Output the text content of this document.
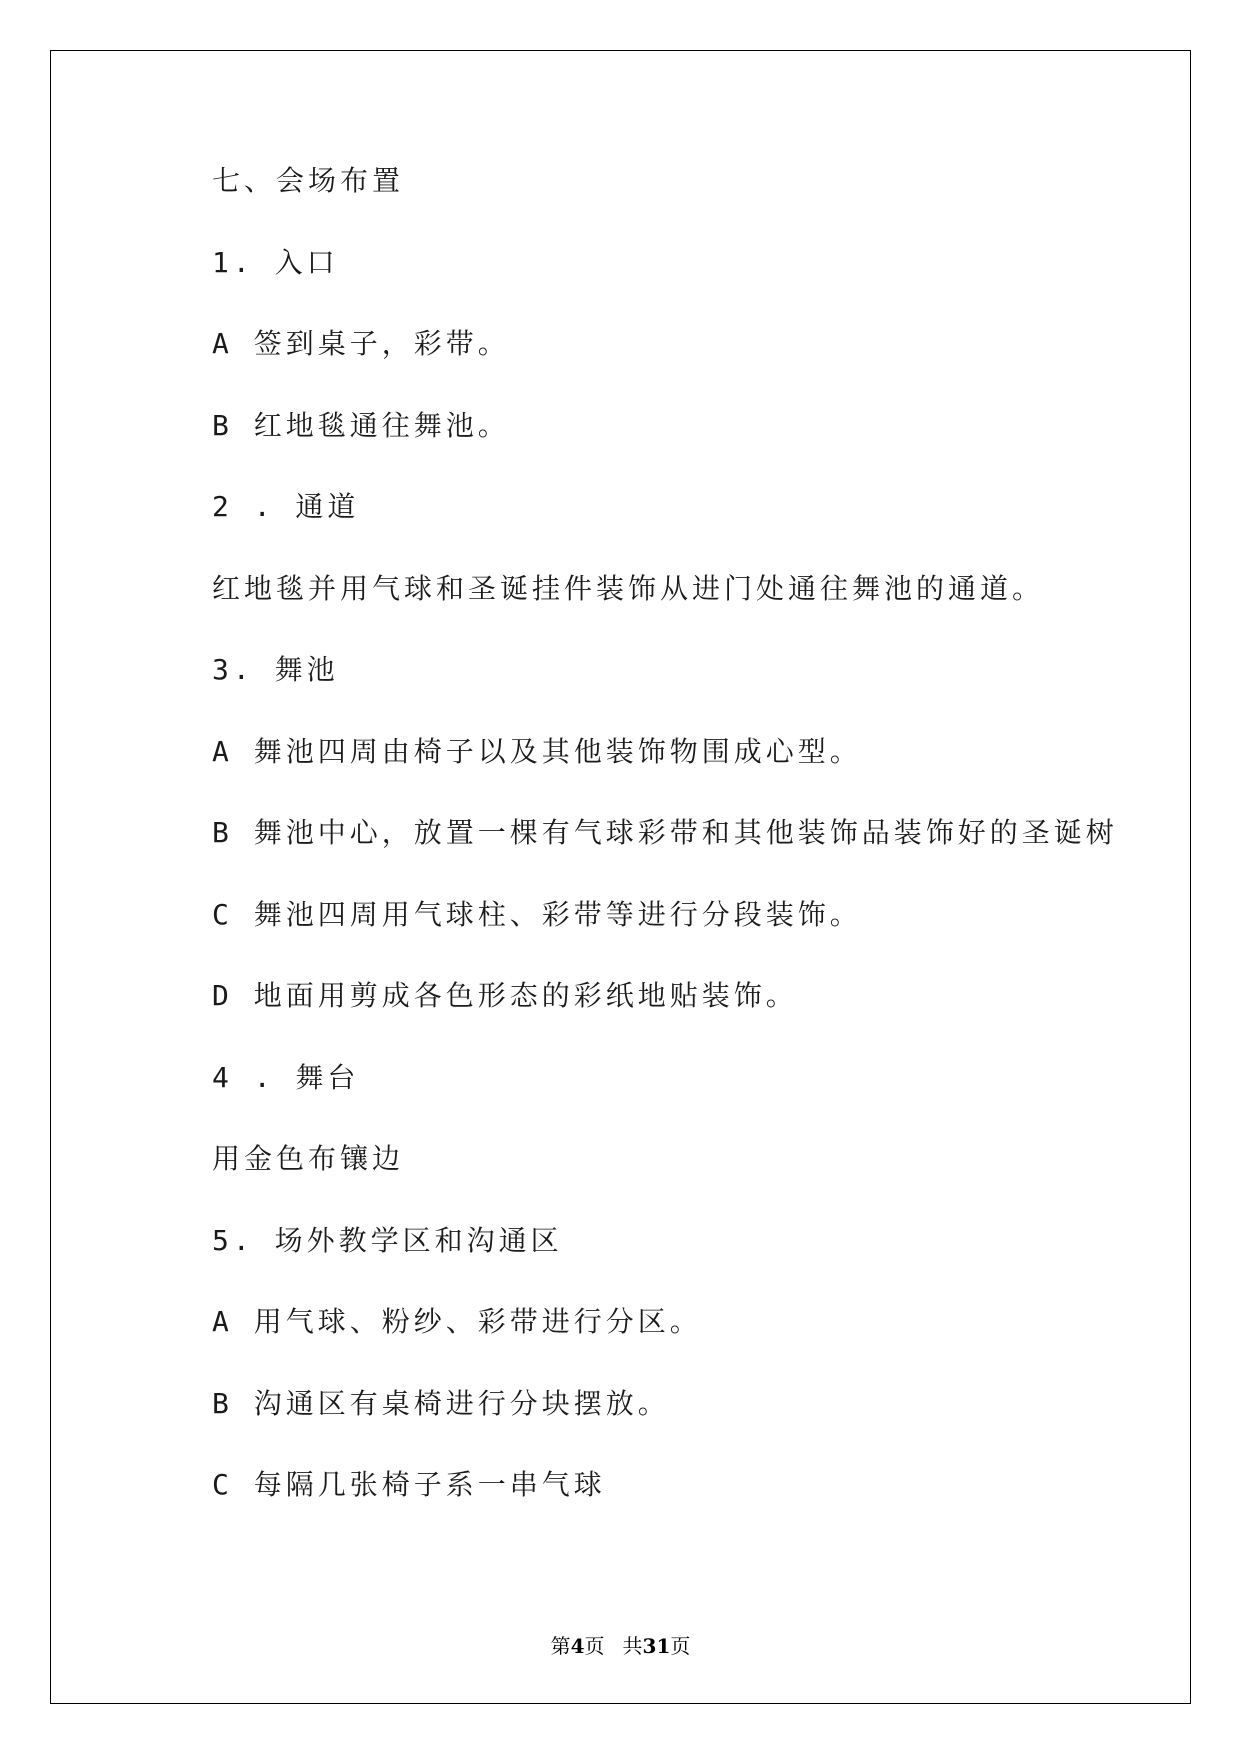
七、会场布置
1. 入口
A 签到桌子，彩带。
B 红地毯通往舞池。
2 . 通道
红地毯并用气球和圣诞挂件装饰从进门处通往舞池的通道。
3. 舞池
A 舞池四周由椅子以及其他装饰物围成心型。
B 舞池中心，放置一棵有气球彩带和其他装饰品装饰好的圣诞树
C 舞池四周用气球柱、彩带等进行分段装饰。
D 地面用剪成各色形态的彩纸地贴装饰。
4 . 舞台
用金色布镶边
5. 场外教学区和沟通区
A 用气球、粉纱、彩带进行分区。
B 沟通区有桌椅进行分块摆放。
C 每隔几张椅子系一串气球
第4页 共31页
